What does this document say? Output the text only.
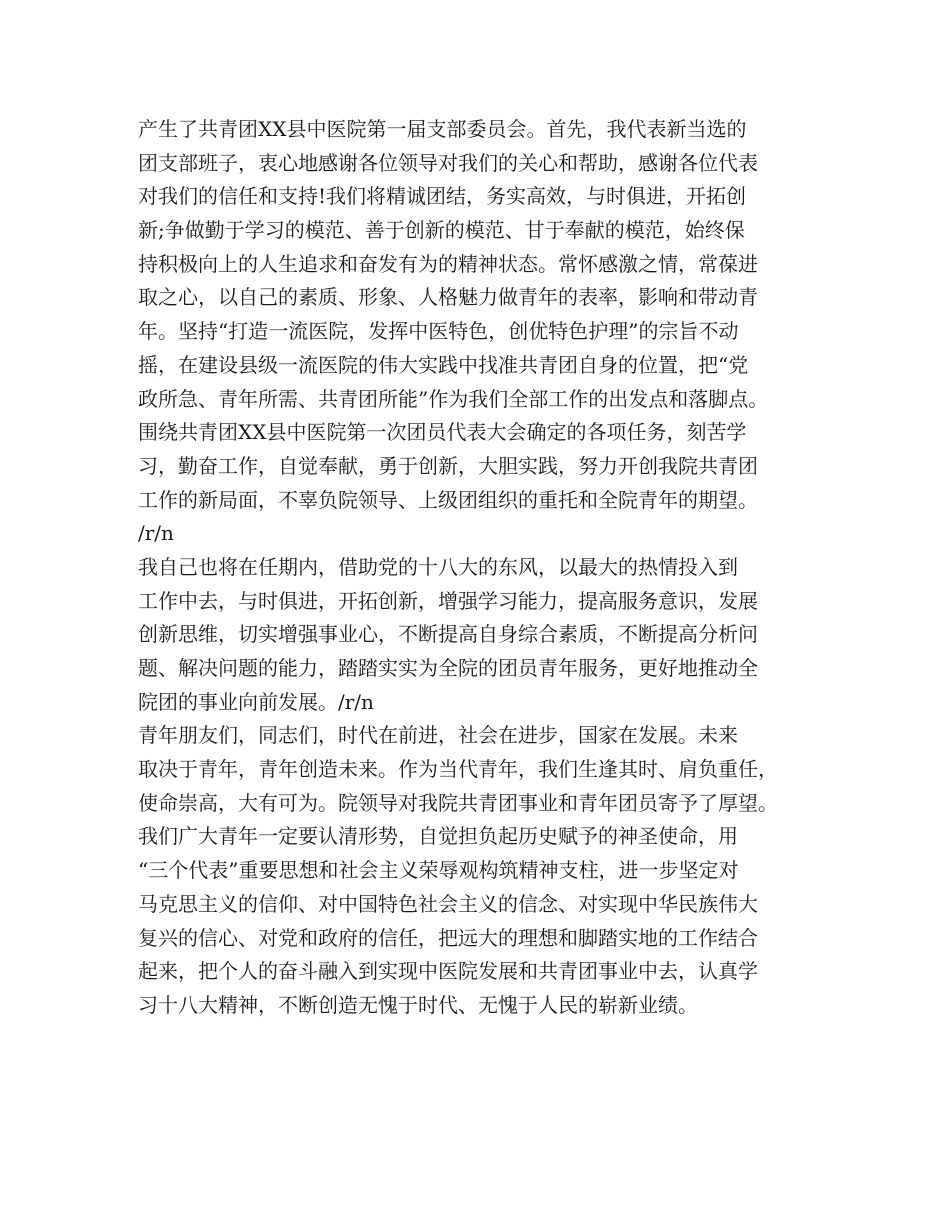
产生了共青团XX县中医院第一届支部委员会。首先，我代表新当选的
团支部班子，衷心地感谢各位领导对我们的关心和帮助，感谢各位代表
对我们的信任和支持!我们将精诚团结，务实高效，与时俱进，开拓创
新;争做勤于学习的模范、善于创新的模范、甘于奉献的模范，始终保
持积极向上的人生追求和奋发有为的精神状态。常怀感激之情，常葆进
取之心，以自己的素质、形象、人格魅力做青年的表率，影响和带动青
年。坚持“打造一流医院，发挥中医特色，创优特色护理”的宗旨不动
摇，在建设县级一流医院的伟大实践中找准共青团自身的位置，把“党
政所急、青年所需、共青团所能”作为我们全部工作的出发点和落脚点。
围绕共青团XX县中医院第一次团员代表大会确定的各项任务，刻苦学
习，勤奋工作，自觉奉献，勇于创新，大胆实践，努力开创我院共青团
工作的新局面，不辜负院领导、上级团组织的重托和全院青年的期望。
/r/n
我自己也将在任期内，借助党的十八大的东风，以最大的热情投入到
工作中去，与时俱进，开拓创新，增强学习能力，提高服务意识，发展
创新思维，切实增强事业心，不断提高自身综合素质，不断提高分析问
题、解决问题的能力，踏踏实实为全院的团员青年服务，更好地推动全
院团的事业向前发展。/r/n
青年朋友们，同志们，时代在前进，社会在进步，国家在发展。未来
取决于青年，青年创造未来。作为当代青年，我们生逢其时、肩负重任，
使命崇高，大有可为。院领导对我院共青团事业和青年团员寄予了厚望。
我们广大青年一定要认清形势，自觉担负起历史赋予的神圣使命，用
“三个代表”重要思想和社会主义荣辱观构筑精神支柱，进一步坚定对
马克思主义的信仰、对中国特色社会主义的信念、对实现中华民族伟大
复兴的信心、对党和政府的信任，把远大的理想和脚踏实地的工作结合
起来，把个人的奋斗融入到实现中医院发展和共青团事业中去，认真学
习十八大精神，不断创造无愧于时代、无愧于人民的崭新业绩。
